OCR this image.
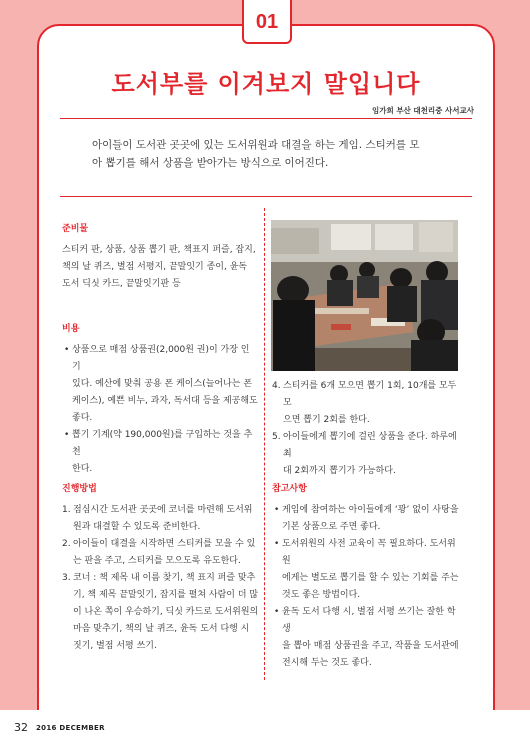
01
도서부를 이겨보지 말입니다
임가희 부산 대천리중 사서교사
아이들이 도서관 곳곳에 있는 도서위원과 대결을 하는 게임. 스티커를 모
아 뽑기를 해서 상품을 받아가는 방식으로 이어진다.
준비물
스티커 판, 상품, 상품 뽑기 판, 책표지 퍼즐, 잡지,
책의 날 퀴즈, 별점 서평지, 끝말잇기 종이, 윤독
도서 딕싯 카드, 끝말잇기판 등
비용
• 상품으로 매점 상품권(2,000원 권)이 가장 인기
있다. 예산에 맞춰 공용 폰 케이스(늘어나는 폰
케이스), 예쁜 비누, 과자, 독서대 등을 제공해도
좋다.
• 뽑기 기계(약 190,000원)를 구입하는 것을 추천
한다.
진행방법
1. 점심시간 도서관 곳곳에 코너를 마련해 도서위
원과 대결할 수 있도록 준비한다.
2. 아이들이 대결을 시작하면 스티커를 모을 수 있
는 판을 주고, 스티커를 모으도록 유도한다.
3. 코너 : 책 제목 내 이름 찾기, 책 표지 퍼즐 맞추
기, 책 제목 끝말잇기, 잡지를 펼쳐 사람이 더 많
이 나온 쪽이 우승하기, 딕싯 카드로 도서위원의
마음 맞추기, 책의 날 퀴즈, 윤독 도서 다행 시
짓기, 별점 서평 쓰기.
4. 스티커를 6개 모으면 뽑기 1회, 10개를 모두 모
으면 뽑기 2회를 한다.
5. 아이들에게 뽑기에 걸린 상품을 준다. 하루에 최
대 2회까지 뽑기가 가능하다.
참고사항
• 게임에 참여하는 아이들에게 ‘꽝’ 없이 사탕을
기본 상품으로 주면 좋다.
• 도서위원의 사전 교육이 꼭 필요하다. 도서위원
에게는 별도로 뽑기를 할 수 있는 기회를 주는
것도 좋은 방법이다.
• 윤독 도서 다행 시, 별점 서평 쓰기는 잘한 학생
을 뽑아 매점 상품권을 주고, 작품을 도서관에
전시해 두는 것도 좋다.
32 2016 DECEMBER
